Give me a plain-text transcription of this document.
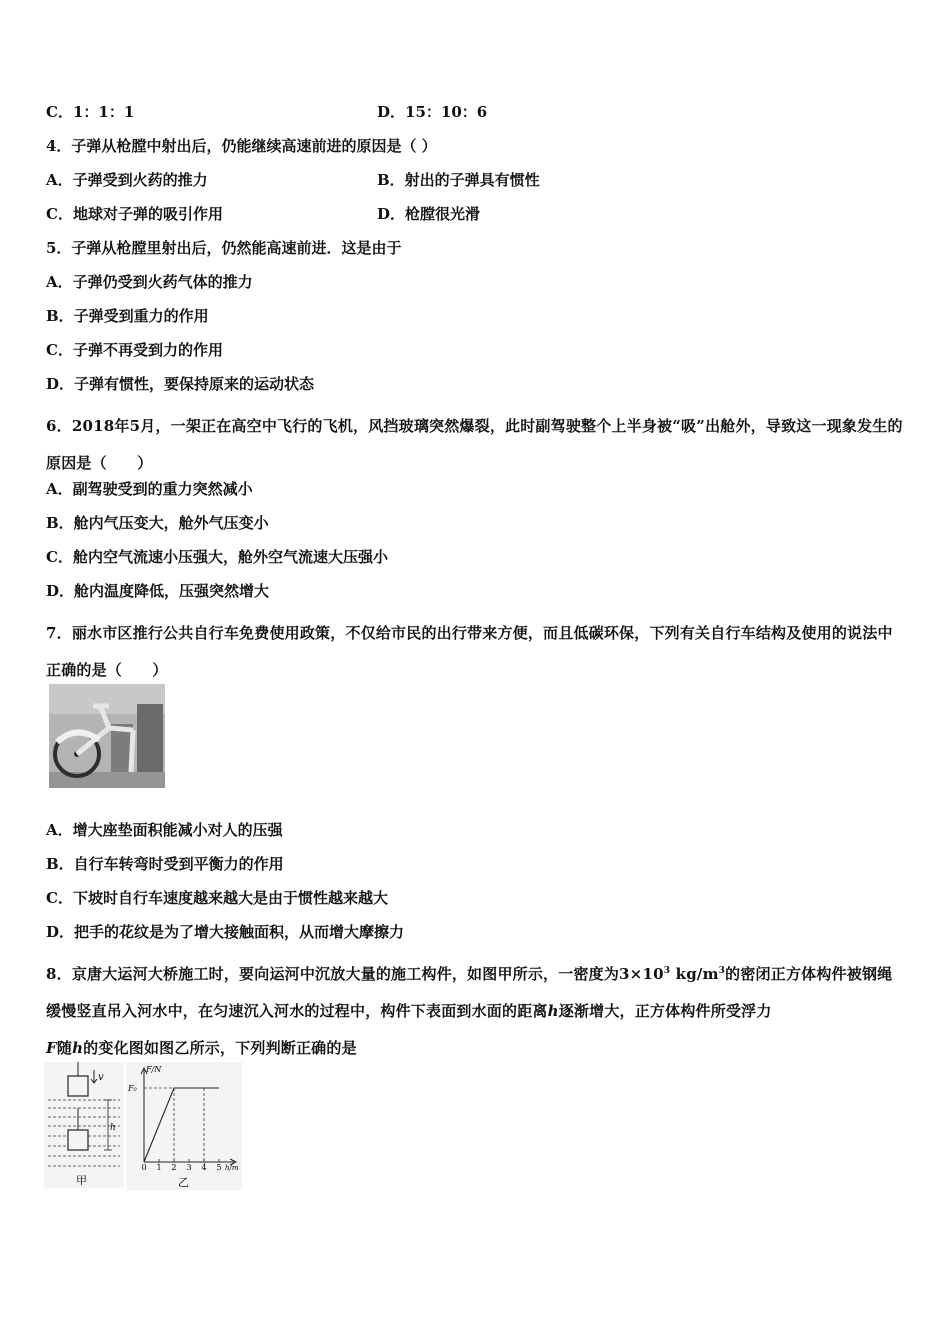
C．1：1：1	D．15：10：6
4．子弹从枪膛中射出后，仍能继续高速前进的原因是（ ）
A．子弹受到火药的推力	B．射出的子弹具有惯性
C．地球对子弹的吸引作用	D．枪膛很光滑
5．子弹从枪膛里射出后，仍然能高速前进．这是由于
A．子弹仍受到火药气体的推力
B．子弹受到重力的作用
C．子弹不再受到力的作用
D．子弹有惯性，要保持原来的运动状态
6．2018年5月，一架正在高空中飞行的飞机，风挡玻璃突然爆裂，此时副驾驶整个上半身被“吸”出舱外，导致这一现象发生的原因是（　　）
A．副驾驶受到的重力突然减小
B．舱内气压变大，舱外气压变小
C．舱内空气流速小压强大，舱外空气流速大压强小
D．舱内温度降低，压强突然增大
7．丽水市区推行公共自行车免费使用政策，不仅给市民的出行带来方便，而且低碳环保，下列有关自行车结构及使用的说法中正确的是（　　）
A．增大座垫面积能减小对人的压强
B．自行车转弯时受到平衡力的作用
C．下坡时自行车速度越来越大是由于惯性越来越大
D．把手的花纹是为了增大接触面积，从而增大摩擦力
8．京唐大运河大桥施工时，要向运河中沉放大量的施工构件，如图甲所示，一密度为$3\times 10^3$ $kg/m^3$的密闭正方体构件被钢绳缓慢竖直吊入河水中，在匀速沉入河水的过程中，构件下表面到水面的距离h逐渐增大，正方体构件所受浮力
F随h的变化图如图乙所示，下列判断正确的是
v
h
甲
F/N
F₀
h/m
0 1 2 3 4 5
乙
